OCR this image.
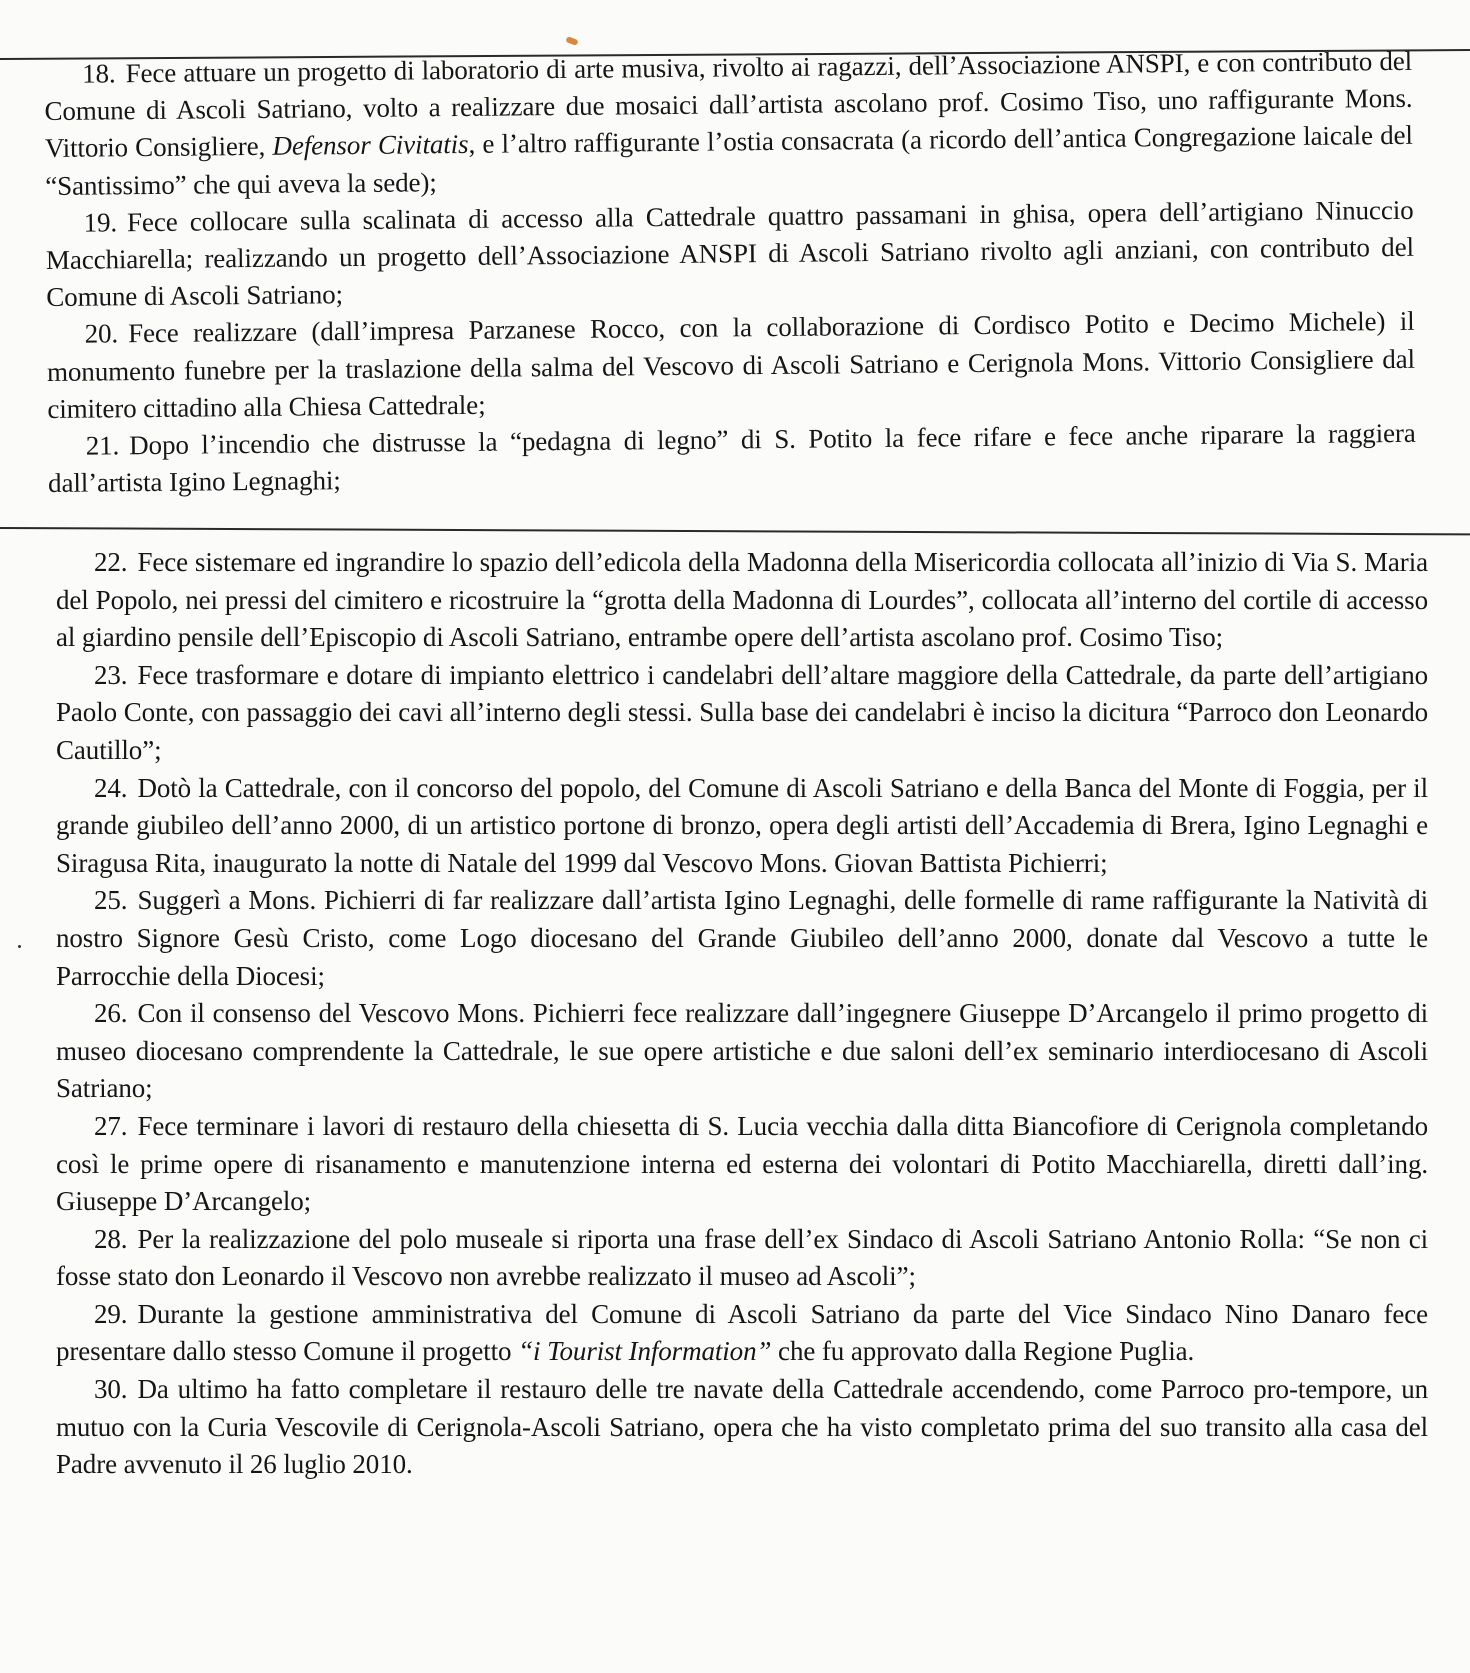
18. Fece attuare un progetto di laboratorio di arte musiva, rivolto ai ragazzi, dell’Associazione ANSPI, e con contributo del Comune di Ascoli Satriano, volto a realizzare due mosaici dall’artista ascolano prof. Cosimo Tiso, uno raffigurante Mons. Vittorio Consigliere, Defensor Civitatis, e l’altro raffigurante l’ostia consacrata (a ricordo dell’antica Congregazione laicale del “Santissimo” che qui aveva la sede);

19. Fece collocare sulla scalinata di accesso alla Cattedrale quattro passamani in ghisa, opera dell’artigiano Ninuccio Macchiarella; realizzando un progetto dell’Associazione ANSPI di Ascoli Satriano rivolto agli anziani, con contributo del Comune di Ascoli Satriano;

20. Fece realizzare (dall’impresa Parzanese Rocco, con la collaborazione di Cordisco Potito e Decimo Michele) il monumento funebre per la traslazione della salma del Vescovo di Ascoli Satriano e Cerignola Mons. Vittorio Consigliere dal cimitero cittadino alla Chiesa Cattedrale;

21. Dopo l’incendio che distrusse la “pedagna di legno” di S. Potito la fece rifare e fece anche riparare la raggiera dall’artista Igino Legnaghi;

22. Fece sistemare ed ingrandire lo spazio dell’edicola della Madonna della Misericordia collocata all’inizio di Via S. Maria del Popolo, nei pressi del cimitero e ricostruire la “grotta della Madonna di Lourdes”, collocata all’interno del cortile di accesso al giardino pensile dell’Episcopio di Ascoli Satriano, entrambe opere dell’artista ascolano prof. Cosimo Tiso;

23. Fece trasformare e dotare di impianto elettrico i candelabri dell’altare maggiore della Cattedrale, da parte dell’artigiano Paolo Conte, con passaggio dei cavi all’interno degli stessi. Sulla base dei candelabri è inciso la dicitura “Parroco don Leonardo Cautillo”;

24. Dotò la Cattedrale, con il concorso del popolo, del Comune di Ascoli Satriano e della Banca del Monte di Foggia, per il grande giubileo dell’anno 2000, di un artistico portone di bronzo, opera degli artisti dell’Accademia di Brera, Igino Legnaghi e Siragusa Rita, inaugurato la notte di Natale del 1999 dal Vescovo Mons. Giovan Battista Pichierri;

25. Suggerì a Mons. Pichierri di far realizzare dall’artista Igino Legnaghi, delle formelle di rame raffigurante la Natività di nostro Signore Gesù Cristo, come Logo diocesano del Grande Giubileo dell’anno 2000, donate dal Vescovo a tutte le Parrocchie della Diocesi;

26. Con il consenso del Vescovo Mons. Pichierri fece realizzare dall’ingegnere Giuseppe D’Arcangelo il primo progetto di museo diocesano comprendente la Cattedrale, le sue opere artistiche e due saloni dell’ex seminario interdiocesano di Ascoli Satriano;

27. Fece terminare i lavori di restauro della chiesetta di S. Lucia vecchia dalla ditta Biancofiore di Cerignola completando così le prime opere di risanamento e manutenzione interna ed esterna dei volontari di Potito Macchiarella, diretti dall’ing. Giuseppe D’Arcangelo;

28. Per la realizzazione del polo museale si riporta una frase dell’ex Sindaco di Ascoli Satriano Antonio Rolla: “Se non ci fosse stato don Leonardo il Vescovo non avrebbe realizzato il museo ad Ascoli”;

29. Durante la gestione amministrativa del Comune di Ascoli Satriano da parte del Vice Sindaco Nino Danaro fece presentare dallo stesso Comune il progetto “i Tourist Information” che fu approvato dalla Regione Puglia.

30. Da ultimo ha fatto completare il restauro delle tre navate della Cattedrale accendendo, come Parroco pro-tempore, un mutuo con la Curia Vescovile di Cerignola-Ascoli Satriano, opera che ha visto completato prima del suo transito alla casa del Padre avvenuto il 26 luglio 2010.
